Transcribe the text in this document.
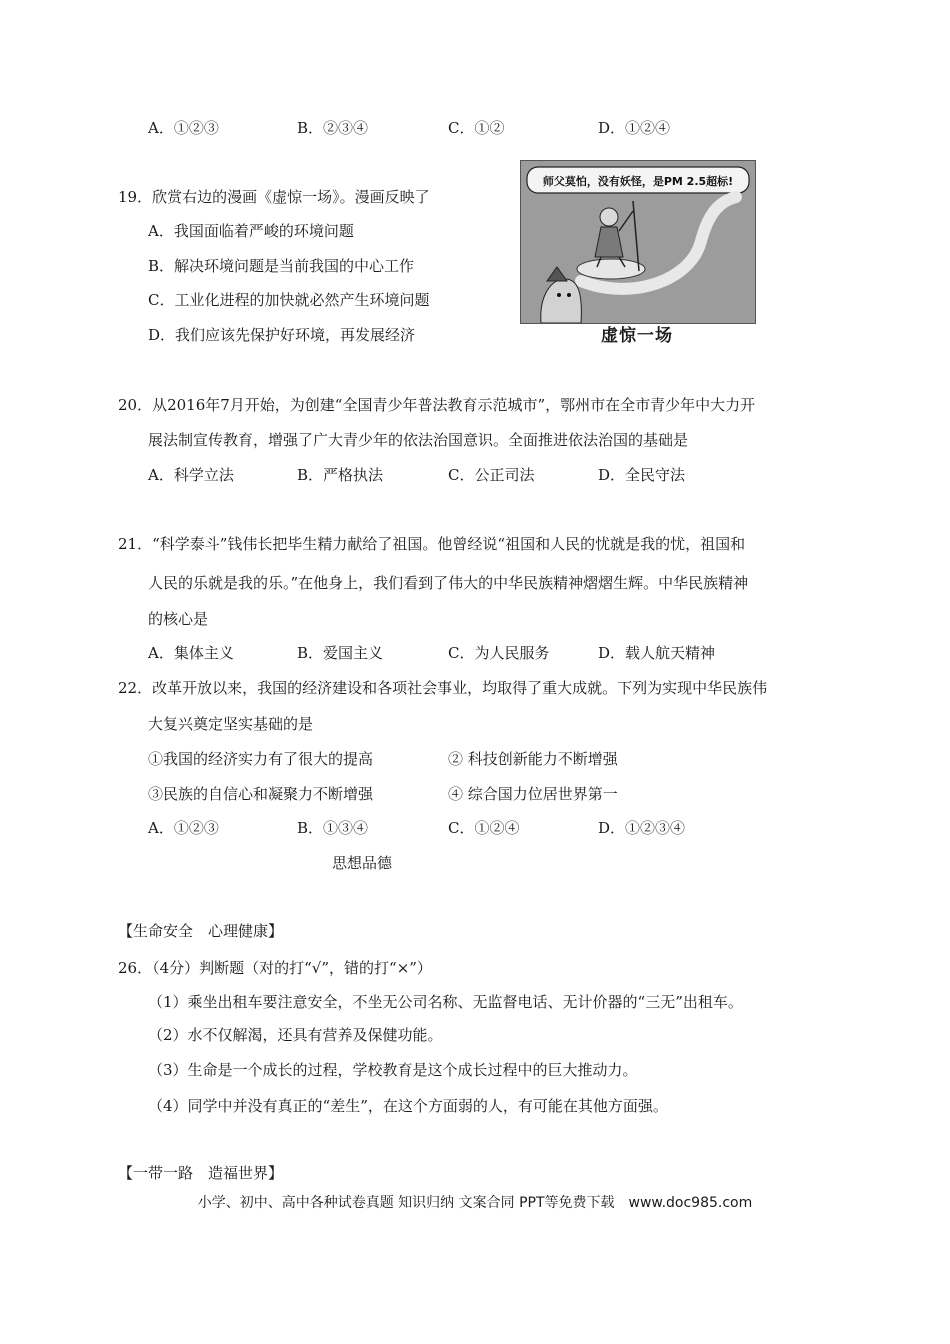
A．①②③	B．②③④	C．①②	D．①②④
19．欣赏右边的漫画《虚惊一场》。漫画反映了
A．我国面临着严峻的环境问题
B．解决环境问题是当前我国的中心工作
C．工业化进程的加快就必然产生环境问题
D．我们应该先保护好环境，再发展经济
师父莫怕，没有妖怪，是PM 2.5超标!
虚惊一场
20．从2016年7月开始，为创建“全国青少年普法教育示范城市”，鄂州市在全市青少年中大力开
展法制宣传教育，增强了广大青少年的依法治国意识。全面推进依法治国的基础是
A．科学立法	B．严格执法	C．公正司法	D．全民守法
21．“科学泰斗”钱伟长把毕生精力献给了祖国。他曾经说“祖国和人民的忧就是我的忧，祖国和
人民的乐就是我的乐。”在他身上，我们看到了伟大的中华民族精神熠熠生辉。中华民族精神
的核心是
A．集体主义	B．爱国主义	C．为人民服务	D．载人航天精神
22．改革开放以来，我国的经济建设和各项社会事业，均取得了重大成就。下列为实现中华民族伟
大复兴奠定坚实基础的是
①我国的经济实力有了很大的提高	② 科技创新能力不断增强
③民族的自信心和凝聚力不断增强	④ 综合国力位居世界第一
A．①②③	B．①③④	C．①②④	D．①②③④
思想品德
【生命安全　心理健康】
26．（4分）判断题（对的打“√”，错的打“×”）
（1）乘坐出租车要注意安全，不坐无公司名称、无监督电话、无计价器的“三无”出租车。
（2）水不仅解渴，还具有营养及保健功能。
（3）生命是一个成长的过程，学校教育是这个成长过程中的巨大推动力。
（4）同学中并没有真正的“差生”，在这个方面弱的人，有可能在其他方面强。
【一带一路　造福世界】
小学、初中、高中各种试卷真题 知识归纳 文案合同 PPT等免费下载　www.doc985.com
